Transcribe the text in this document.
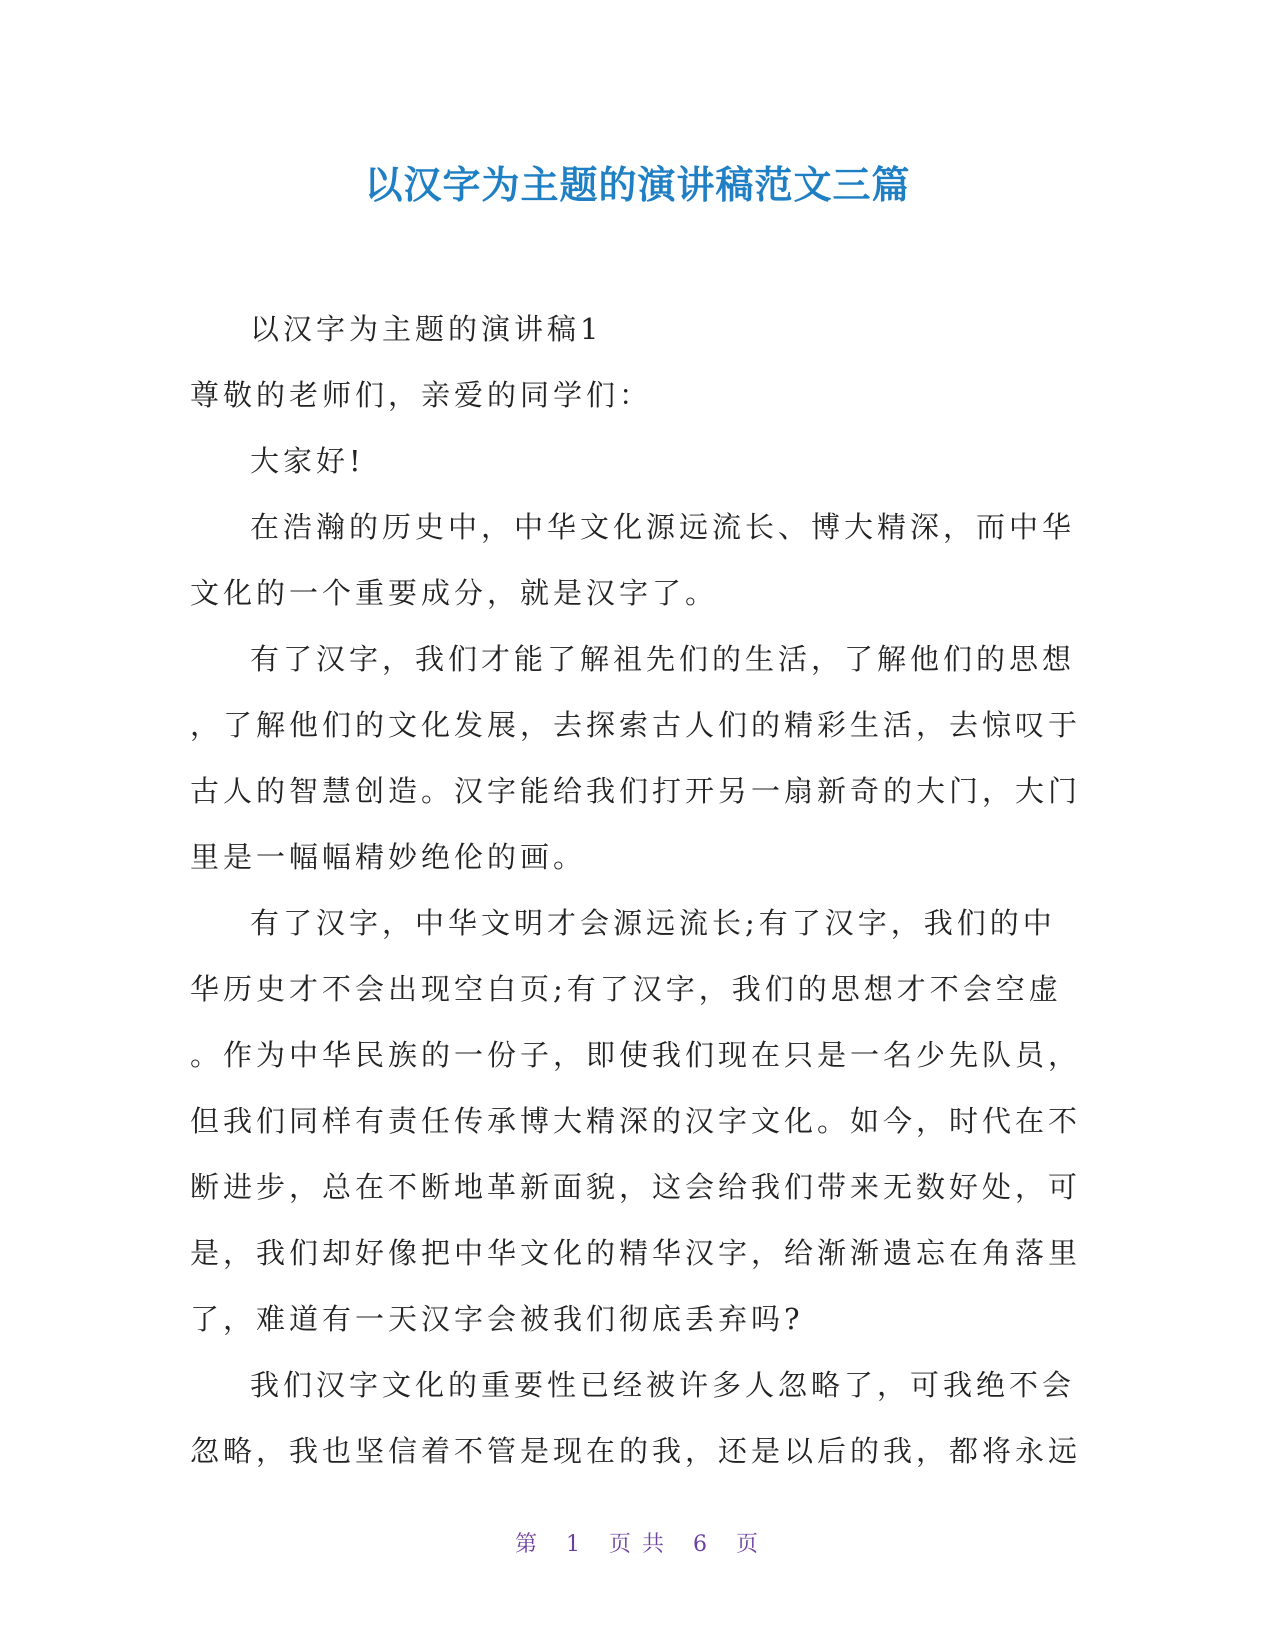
以汉字为主题的演讲稿范文三篇
以汉字为主题的演讲稿1
尊敬的老师们，亲爱的同学们：
大家好!
在浩瀚的历史中，中华文化源远流长、博大精深，而中华
文化的一个重要成分，就是汉字了。
有了汉字，我们才能了解祖先们的生活，了解他们的思想
，了解他们的文化发展，去探索古人们的精彩生活，去惊叹于
古人的智慧创造。汉字能给我们打开另一扇新奇的大门，大门
里是一幅幅精妙绝伦的画。
有了汉字，中华文明才会源远流长;有了汉字，我们的中
华历史才不会出现空白页;有了汉字，我们的思想才不会空虚
。作为中华民族的一份子，即使我们现在只是一名少先队员，
但我们同样有责任传承博大精深的汉字文化。如今，时代在不
断进步，总在不断地革新面貌，这会给我们带来无数好处，可
是，我们却好像把中华文化的精华汉字，给渐渐遗忘在角落里
了，难道有一天汉字会被我们彻底丢弃吗?
我们汉字文化的重要性已经被许多人忽略了，可我绝不会
忽略，我也坚信着不管是现在的我，还是以后的我，都将永远
第 1 页 共 6 页
